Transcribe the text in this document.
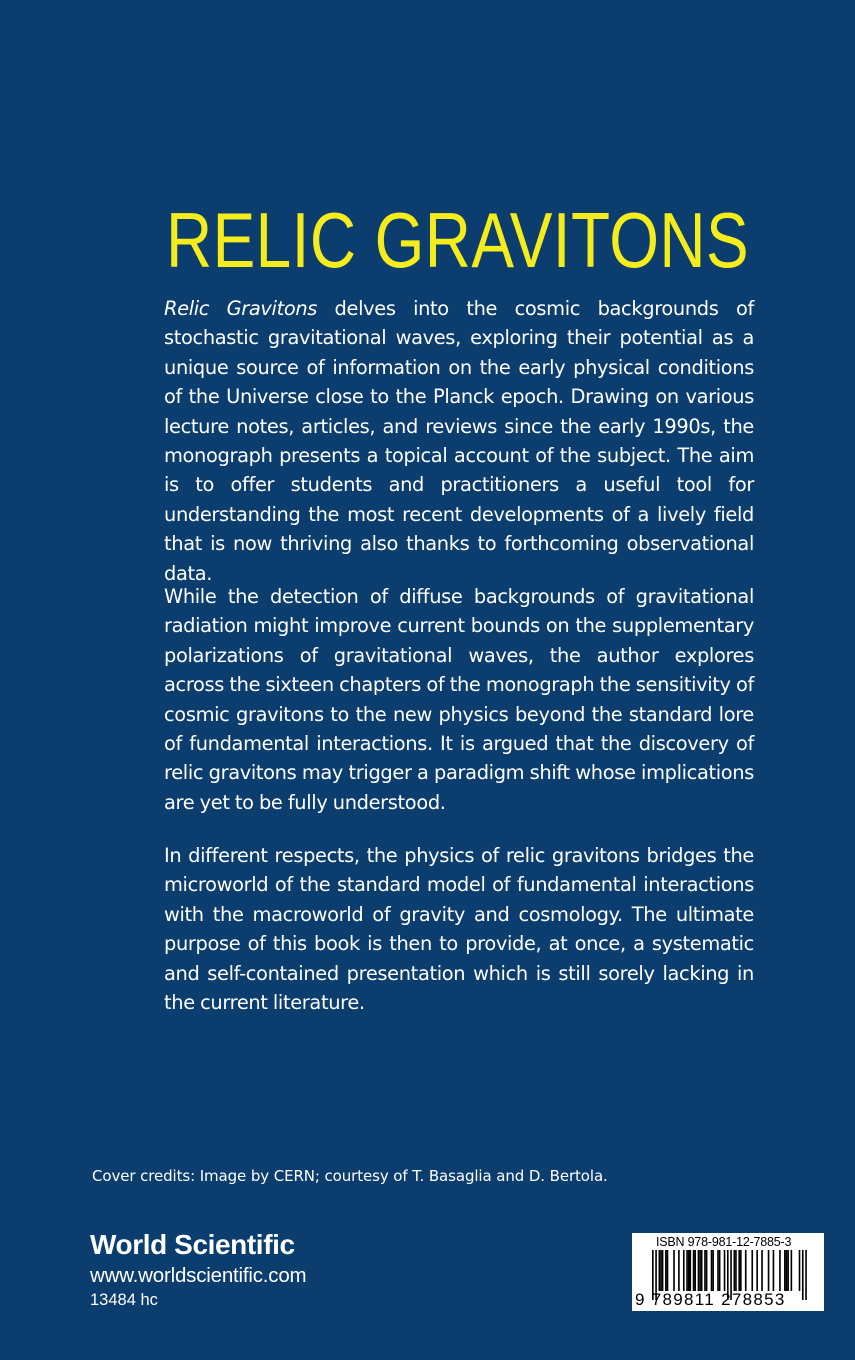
RELIC GRAVITONS

Relic Gravitons delves into the cosmic backgrounds of stochastic gravitational waves, exploring their potential as a unique source of information on the early physical conditions of the Universe close to the Planck epoch. Drawing on various lecture notes, articles, and reviews since the early 1990s, the monograph presents a topical account of the subject. The aim is to offer students and practitioners a useful tool for understanding the most recent developments of a lively field that is now thriving also thanks to forthcoming observational data.

While the detection of diffuse backgrounds of gravitational radiation might improve current bounds on the supplementary polarizations of gravitational waves, the author explores across the sixteen chapters of the monograph the sensitivity of cosmic gravitons to the new physics beyond the standard lore of fundamental interactions. It is argued that the discovery of relic gravitons may trigger a paradigm shift whose implications are yet to be fully understood.

In different respects, the physics of relic gravitons bridges the microworld of the standard model of fundamental interactions with the macroworld of gravity and cosmology. The ultimate purpose of this book is then to provide, at once, a systematic and self-contained presentation which is still sorely lacking in the current literature.

Cover credits: Image by CERN; courtesy of T. Basaglia and D. Bertola.
World Scientific
www.worldscientific.com
13484 hc
ISBN 978-981-12-7885-3
9 789811 278853
